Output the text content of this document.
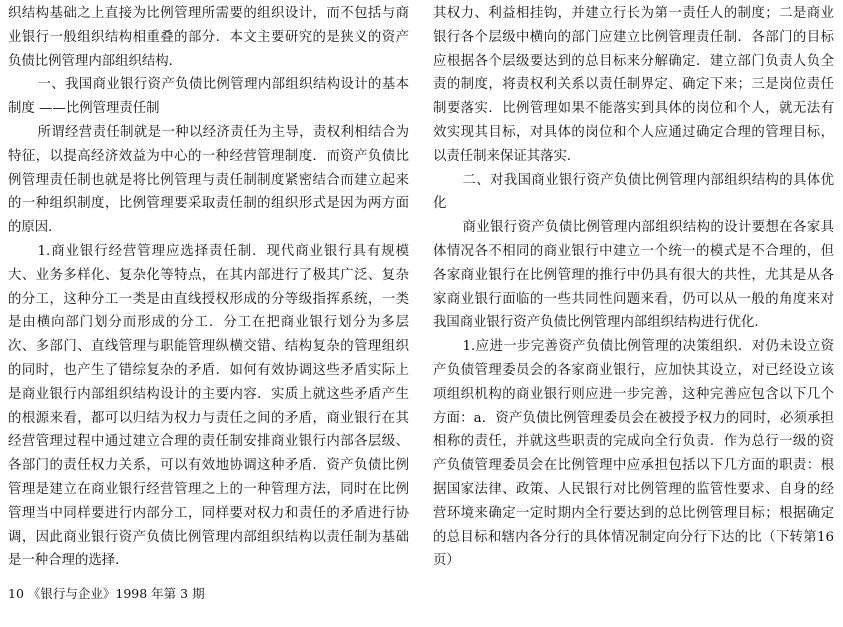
织结构基础之上直接为比例管理所需要的组织设计，而不包括与商业银行一般组织结构相重叠的部分．本文主要研究的是狭义的资产负债比例管理内部组织结构．

一、我国商业银行资产负债比例管理内部组织结构设计的基本制度 ——比例管理责任制

所谓经营责任制就是一种以经济责任为主导，责权利相结合为特征，以提高经济效益为中心的一种经营管理制度．而资产负债比例管理责任制也就是将比例管理与责任制制度紧密结合而建立起来的一种组织制度，比例管理要采取责任制的组织形式是因为两方面的原因．

1.商业银行经营管理应选择责任制．现代商业银行具有规模大、业务多样化、复杂化等特点，在其内部进行了极其广泛、复杂的分工，这种分工一类是由直线授权形成的分等级指挥系统，一类是由横向部门划分而形成的分工．分工在把商业银行划分为多层次、多部门、直线管理与职能管理纵横交错、结构复杂的管理组织的同时，也产生了错综复杂的矛盾．如何有效协调这些矛盾实际上是商业银行内部组织结构设计的主要内容．实质上就这些矛盾产生的根源来看，都可以归结为权力与责任之间的矛盾，商业银行在其经营管理过程中通过建立合理的责任制安排商业银行内部各层级、各部门的责任权力关系，可以有效地协调这种矛盾．资产负债比例管理是建立在商业银行经营管理之上的一种管理方法，同时在比例管理当中同样要进行内部分工，同样要对权力和责任的矛盾进行协调，因此商业银行资产负债比例管理内部组织结构以责任制为基础是一种合理的选择．

其权力、利益相挂钩，并建立行长为第一责任人的制度；二是商业银行各个层级中横向的部门应建立比例管理责任制．各部门的目标应根据各个层级要达到的总目标来分解确定．建立部门负责人负全责的制度，将责权利关系以责任制界定、确定下来；三是岗位责任制要落实．比例管理如果不能落实到具体的岗位和个人，就无法有效实现其目标，对具体的岗位和个人应通过确定合理的管理目标，以责任制来保证其落实．

二、对我国商业银行资产负债比例管理内部组织结构的具体优化

商业银行资产负债比例管理内部组织结构的设计要想在各家具体情况各不相同的商业银行中建立一个统一的模式是不合理的，但各家商业银行在比例管理的推行中仍具有很大的共性，尤其是从各家商业银行面临的一些共同性问题来看，仍可以从一般的角度来对我国商业银行资产负债比例管理内部组织结构进行优化．

1.应进一步完善资产负债比例管理的决策组织．对仍未设立资产负债管理委员会的各家商业银行，应加快其设立，对已经设立该项组织机构的商业银行则应进一步完善，这种完善应包含以下几个方面：a．资产负债比例管理委员会在被授予权力的同时，必须承担相称的责任，并就这些职责的完成向全行负责．作为总行一级的资产负债管理委员会在比例管理中应承担包括以下几方面的职责：根据国家法律、政策、人民银行对比例管理的监管性要求、自身的经营环境来确定一定时期内全行要达到的总比例管理目标；根据确定的总目标和辖内各分行的具体情况制定向分行下达的比（下转第16页）

10 《银行与企业》1998 年第 3 期
